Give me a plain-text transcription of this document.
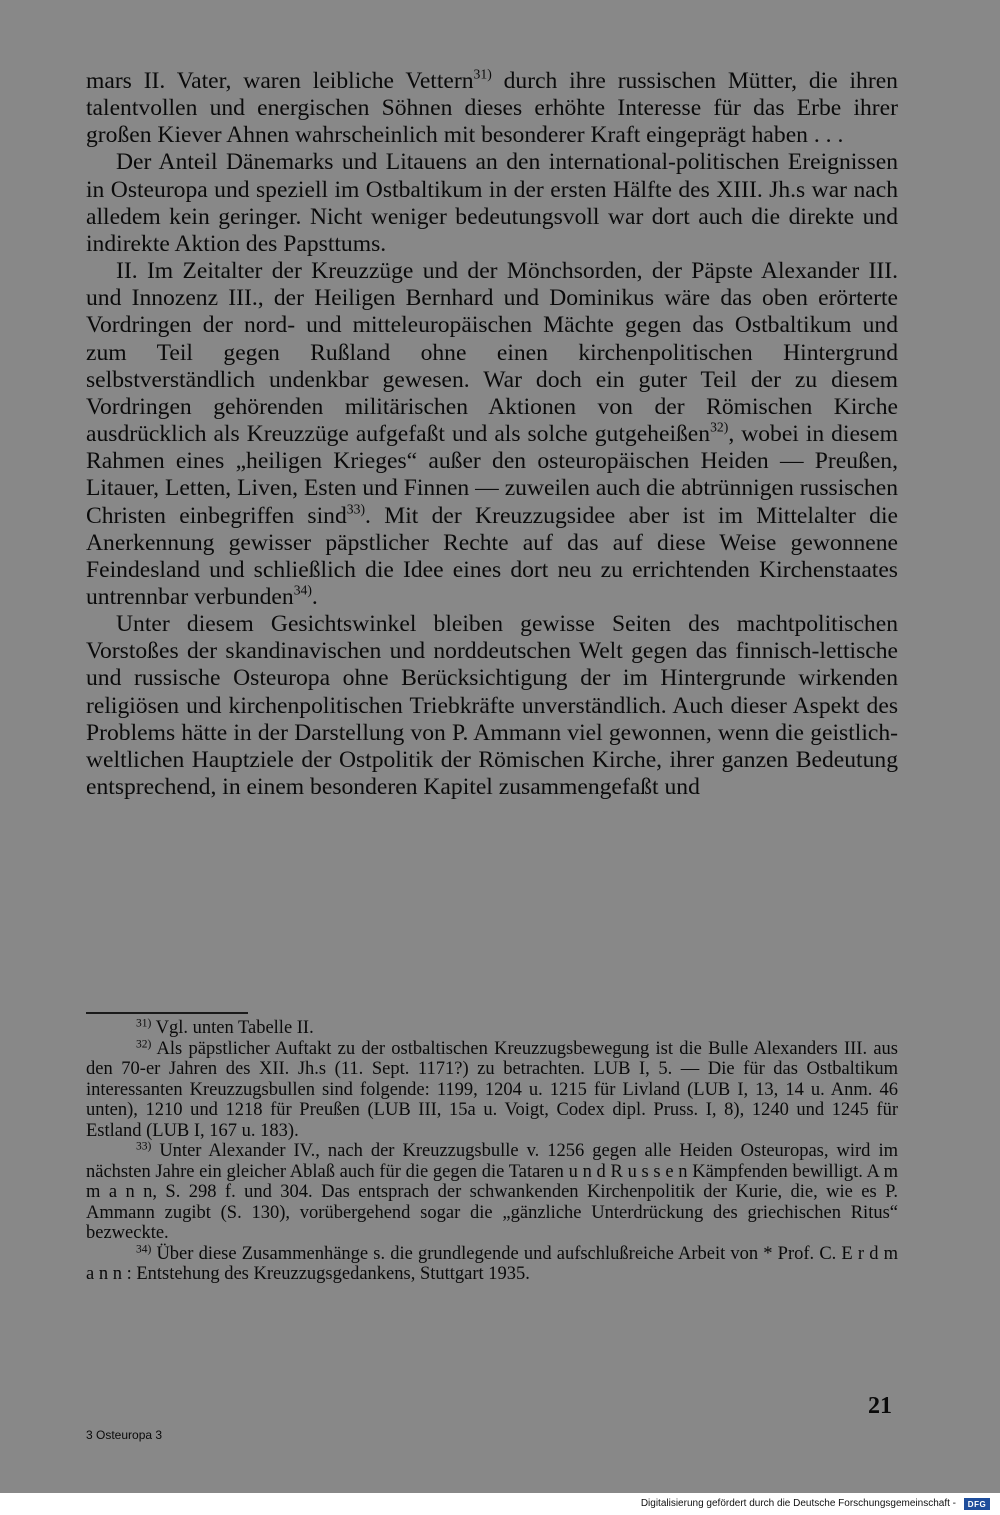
mars II. Vater, waren leibliche Vettern$^{31)}$ durch ihre russischen Mütter, die ihren talentvollen und energischen Söhnen dieses erhöhte Interesse für das Erbe ihrer großen Kiever Ahnen wahrscheinlich mit besonderer Kraft eingeprägt haben . . .

Der Anteil Dänemarks und Litauens an den international-politischen Ereignissen in Osteuropa und speziell im Ostbaltikum in der ersten Hälfte des XIII. Jh.s war nach alledem kein geringer. Nicht weniger bedeutungsvoll war dort auch die direkte und indirekte Aktion des Papsttums.

II. Im Zeitalter der Kreuzzüge und der Mönchsorden, der Päpste Alexander III. und Innozenz III., der Heiligen Bernhard und Dominikus wäre das oben erörterte Vordringen der nord- und mitteleuropäischen Mächte gegen das Ostbaltikum und zum Teil gegen Rußland ohne einen kirchenpolitischen Hintergrund selbstverständlich undenkbar gewesen. War doch ein guter Teil der zu diesem Vordringen gehörenden militärischen Aktionen von der Römischen Kirche ausdrücklich als Kreuzzüge aufgefaßt und als solche gutgeheißen$^{32)}$, wobei in diesem Rahmen eines „heiligen Krieges“ außer den osteuropäischen Heiden — Preußen, Litauer, Letten, Liven, Esten und Finnen — zuweilen auch die abtrünnigen russischen Christen einbegriffen sind$^{33)}$. Mit der Kreuzzugsidee aber ist im Mittelalter die Anerkennung gewisser päpstlicher Rechte auf das auf diese Weise gewonnene Feindesland und schließlich die Idee eines dort neu zu errichtenden Kirchenstaates untrennbar verbunden$^{34)}$.

Unter diesem Gesichtswinkel bleiben gewisse Seiten des machtpolitischen Vorstoßes der skandinavischen und norddeutschen Welt gegen das finnisch-lettische und russische Osteuropa ohne Berücksichtigung der im Hintergrunde wirkenden religiösen und kirchenpolitischen Triebkräfte unverständlich. Auch dieser Aspekt des Problems hätte in der Darstellung von P. Ammann viel gewonnen, wenn die geistlich-weltlichen Hauptziele der Ostpolitik der Römischen Kirche, ihrer ganzen Bedeutung entsprechend, in einem besonderen Kapitel zusammengefaßt und

$^{31)}$ Vgl. unten Tabelle II.

$^{32)}$ Als päpstlicher Auftakt zu der ostbaltischen Kreuzzugsbewegung ist die Bulle Alexanders III. aus den 70-er Jahren des XII. Jh.s (11. Sept. 1171?) zu betrachten. LUB I, 5. — Die für das Ostbaltikum interessanten Kreuzzugsbullen sind folgende: 1199, 1204 u. 1215 für Livland (LUB I, 13, 14 u. Anm. 46 unten), 1210 und 1218 für Preußen (LUB III, 15a u. Voigt, Codex dipl. Pruss. I, 8), 1240 und 1245 für Estland (LUB I, 167 u. 183).

$^{33)}$ Unter Alexander IV., nach der Kreuzzugsbulle v. 1256 gegen alle Heiden Osteuropas, wird im nächsten Jahre ein gleicher Ablaß auch für die gegen die Tataren u n d R u s s e n Kämpfenden bewilligt. A m m a n n, S. 298 f. und 304. Das entsprach der schwankenden Kirchenpolitik der Kurie, die, wie es P. Ammann zugibt (S. 130), vorübergehend sogar die „gänzliche Unterdrückung des griechischen Ritus“ bezweckte.

$^{34)}$ Über diese Zusammenhänge s. die grundlegende und aufschlußreiche Arbeit von * Prof. C. E r d m a n n : Entstehung des Kreuzzugsgedankens, Stuttgart 1935.

21
3 Osteuropa 3
Digitalisierung gefördert durch die Deutsche Forschungsgemeinschaft - DFG
